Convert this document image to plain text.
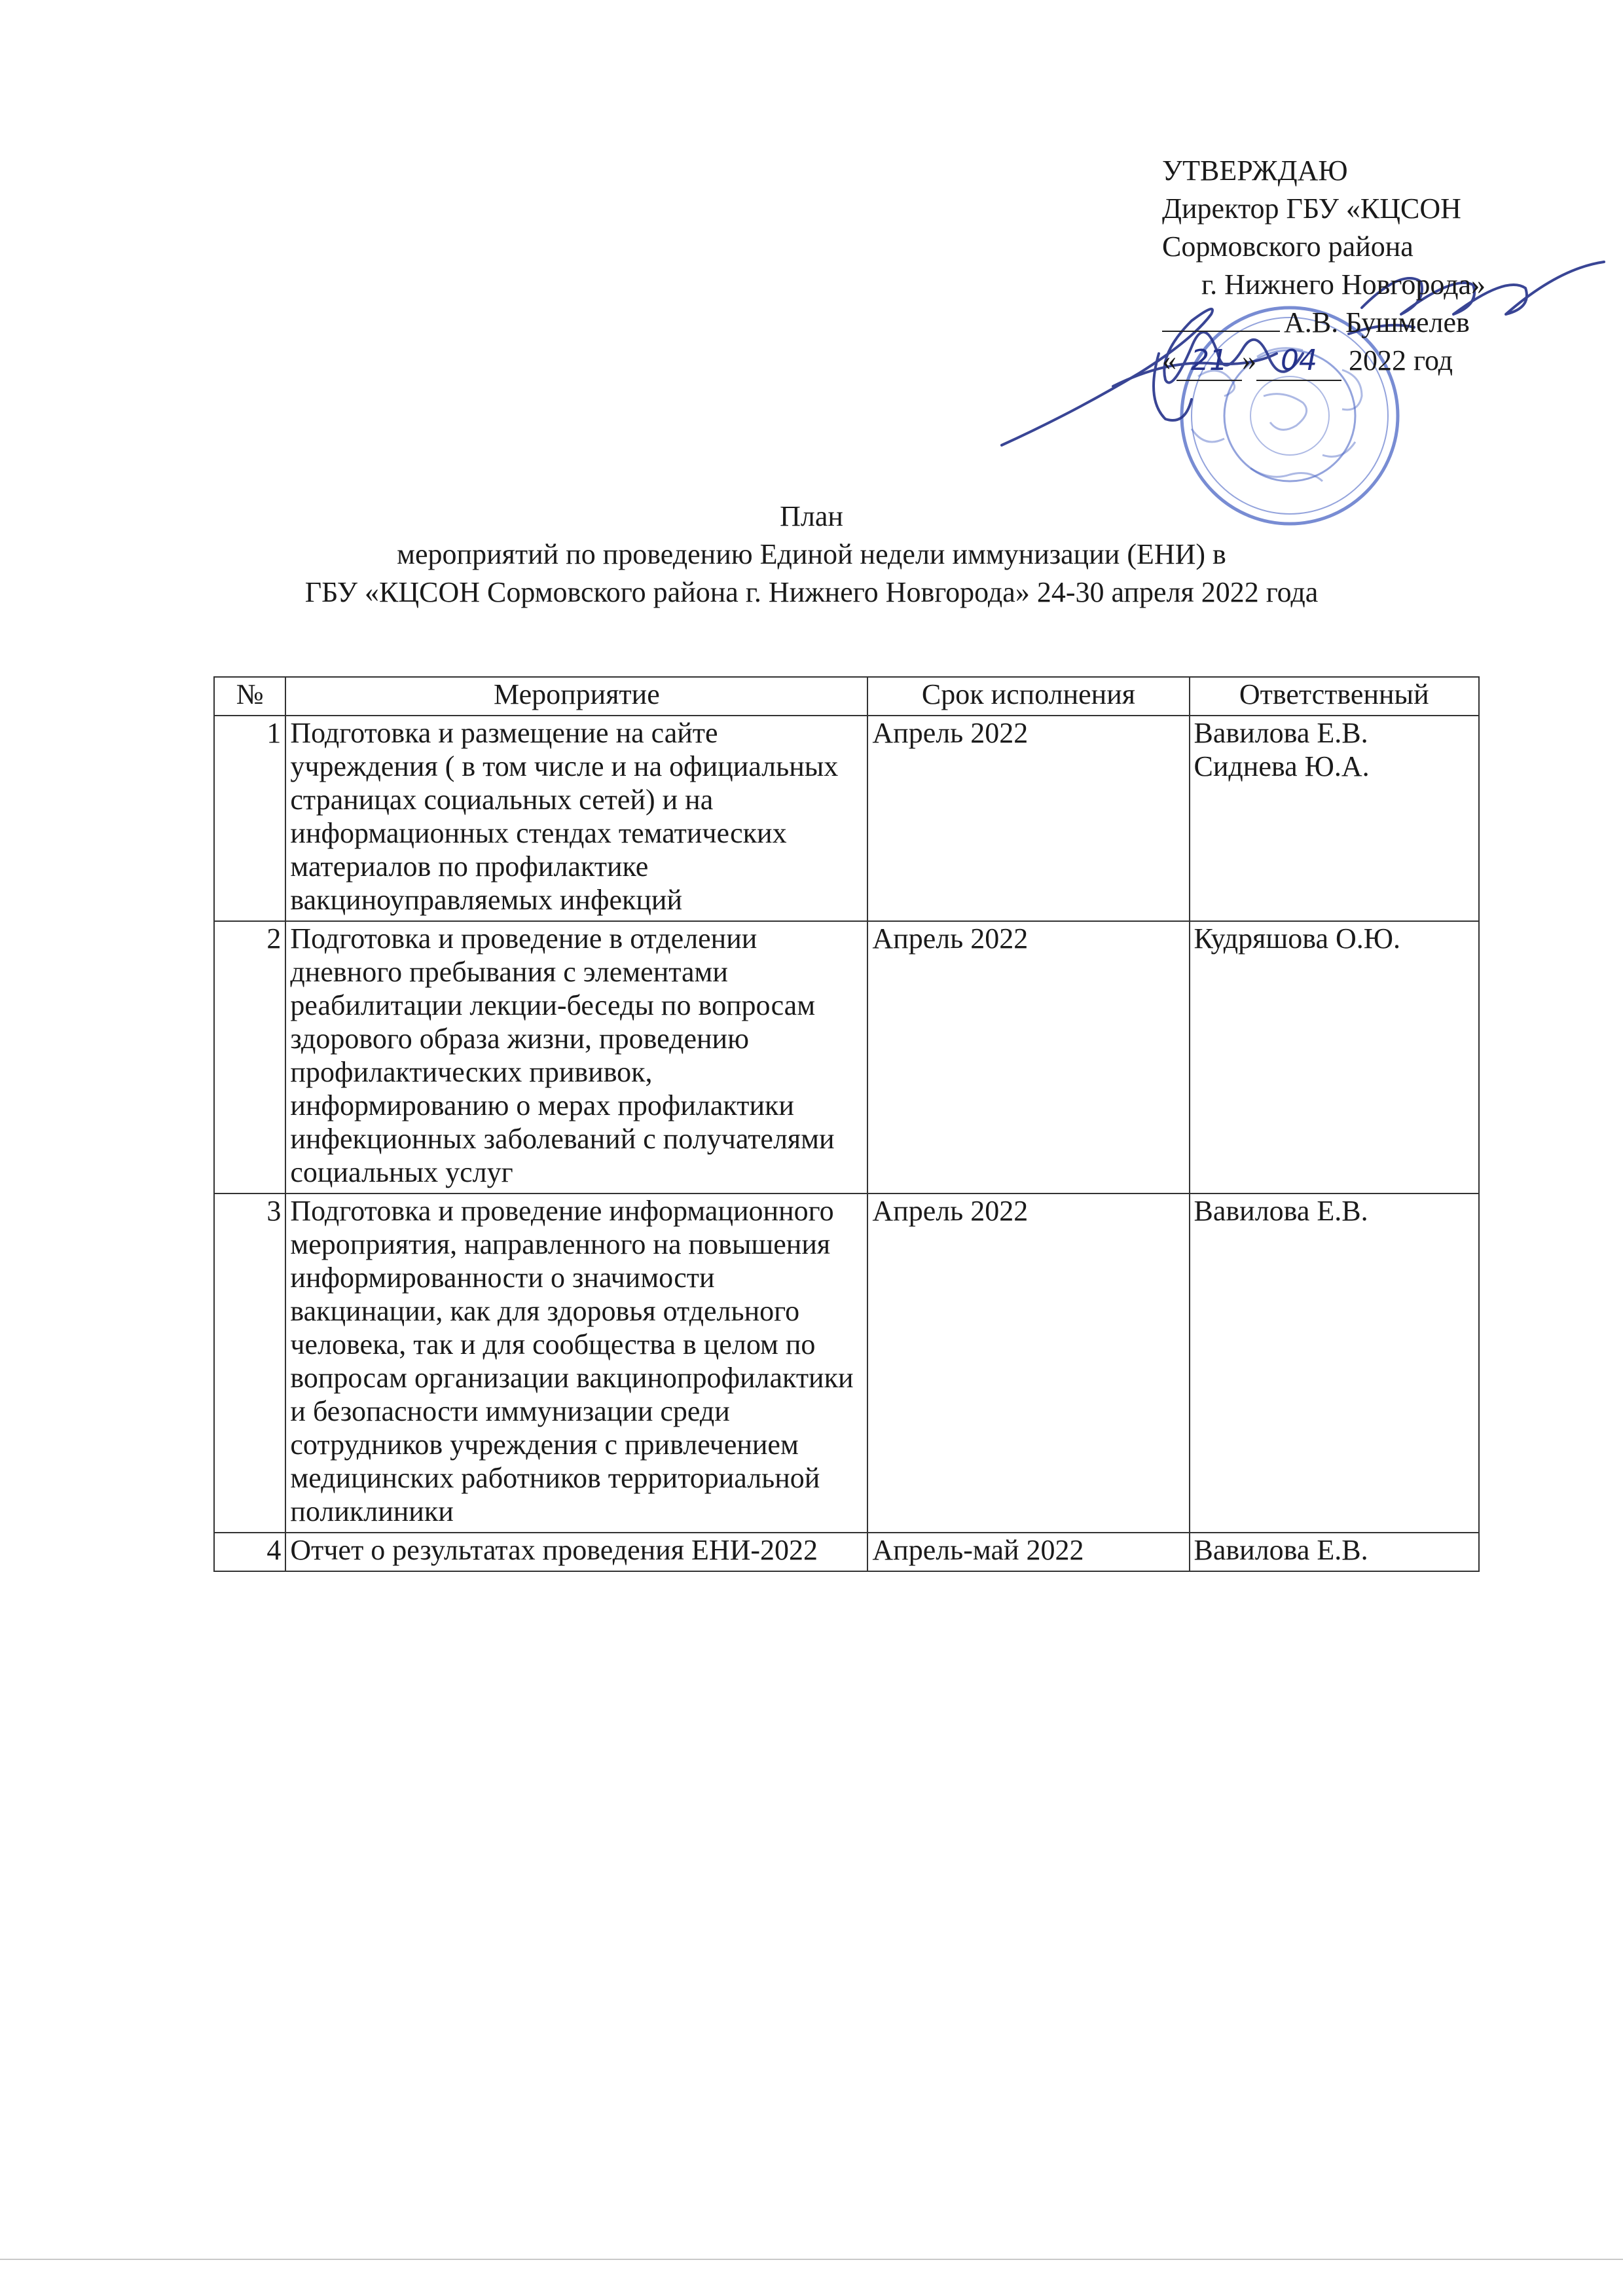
УТВЕРЖДАЮ
Директор ГБУ «КЦСОН
Сормовского района
г. Нижнего Новгорода»
А.В. Бушмелев
« 21 » 04 2022 год
План
мероприятий по проведению Единой недели иммунизации (ЕНИ) в
ГБУ «КЦСОН Сормовского района г. Нижнего Новгорода» 24-30 апреля 2022 года
№	Мероприятие	Срок исполнения	Ответственный
1	Подготовка и размещение на сайте учреждения ( в том числе и на официальных страницах социальных сетей) и на информационных стендах тематических материалов по профилактике вакциноуправляемых инфекций	Апрель 2022	Вавилова Е.В.
Сиднева Ю.А.

2	Подготовка и проведение в отделении дневного пребывания с элементами реабилитации лекции-беседы по вопросам здорового образа жизни, проведению профилактических прививок, информированию о мерах профилактики инфекционных заболеваний с получателями социальных услуг	Апрель 2022	Кудряшова О.Ю.

3	Подготовка и проведение информационного мероприятия, направленного на повышения информированности о значимости вакцинации, как для здоровья отдельного человека, так и для сообщества в целом по вопросам организации вакцинопрофилактики и безопасности иммунизации среди сотрудников учреждения с привлечением медицинских работников территориальной поликлиники	Апрель 2022	Вавилова Е.В.

4	Отчет о результатах проведения ЕНИ-2022	Апрель-май 2022	Вавилова Е.В.
